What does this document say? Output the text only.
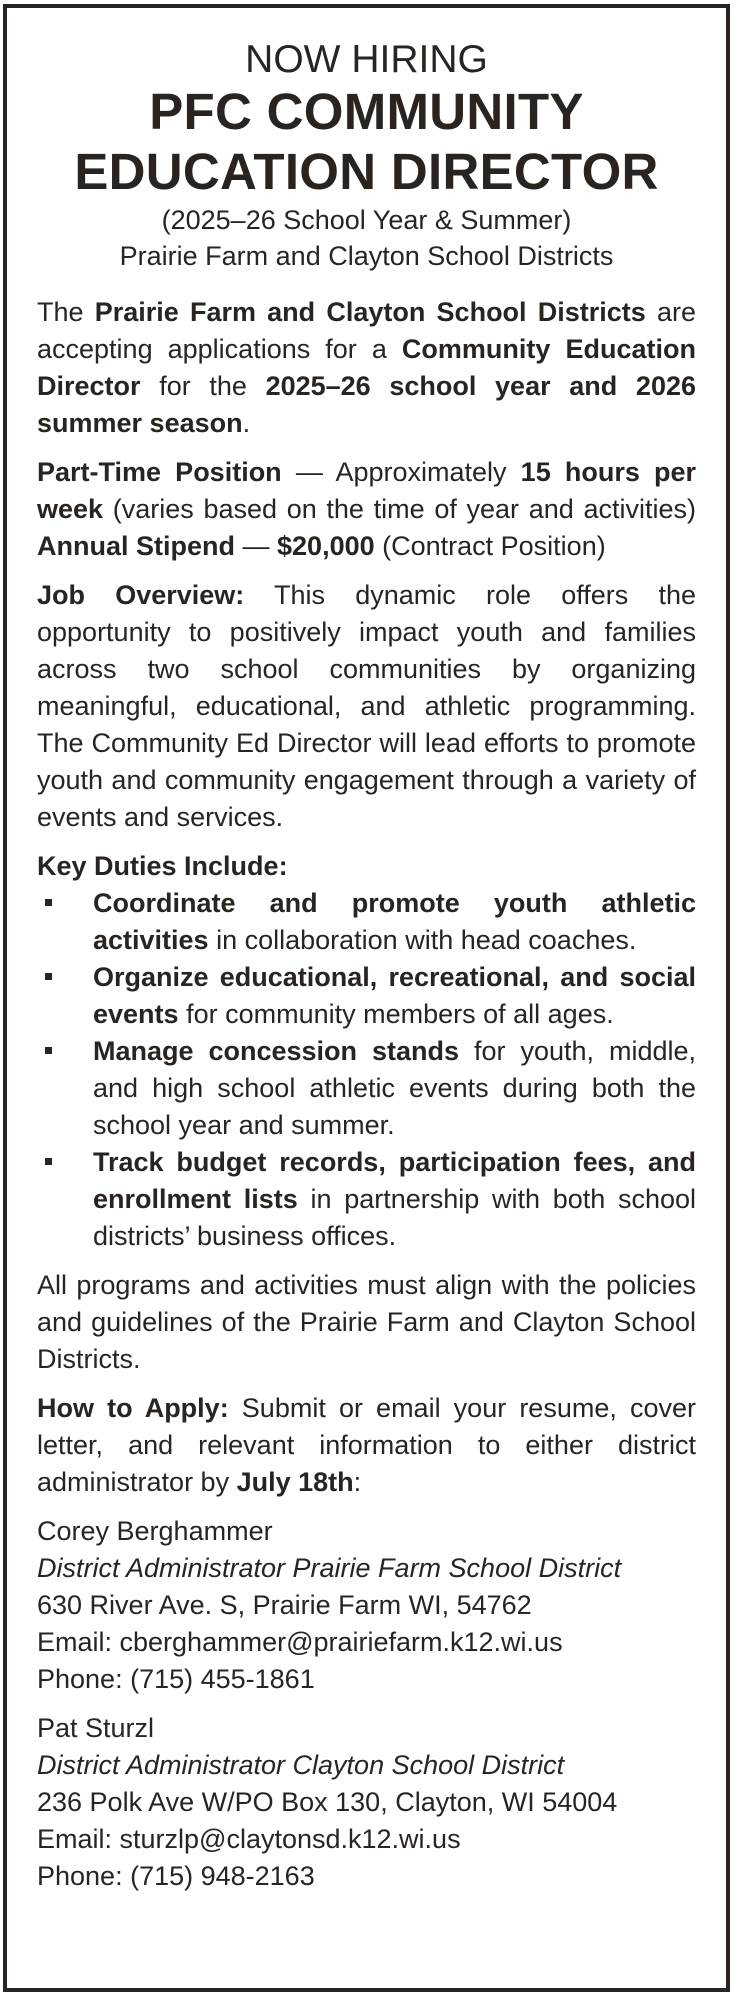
NOW HIRING
PFC COMMUNITY
EDUCATION DIRECTOR
(2025–26 School Year & Summer)
Prairie Farm and Clayton School Districts

The Prairie Farm and Clayton School Districts are accepting applications for a Community Education Director for the 2025–26 school year and 2026 summer season.

Part-Time Position — Approximately 15 hours per week (varies based on the time of year and activities) Annual Stipend — $20,000 (Contract Position)

Job Overview: This dynamic role offers the opportunity to positively impact youth and families across two school communities by organizing meaningful, educational, and athletic programming. The Community Ed Director will lead efforts to promote youth and community engagement through a variety of events and services.

Key Duties Include:
Coordinate and promote youth athletic activities in collaboration with head coaches.
Organize educational, recreational, and social events for community members of all ages.
Manage concession stands for youth, middle, and high school athletic events during both the school year and summer.
Track budget records, participation fees, and enrollment lists in partnership with both school districts’ business offices.

All programs and activities must align with the policies and guidelines of the Prairie Farm and Clayton School Districts.

How to Apply: Submit or email your resume, cover letter, and relevant information to either district administrator by July 18th:

Corey Berghammer
District Administrator Prairie Farm School District
630 River Ave. S, Prairie Farm WI, 54762
Email: cberghammer@prairiefarm.k12.wi.us
Phone: (715) 455-1861
Pat Sturzl
District Administrator Clayton School District
236 Polk Ave W/PO Box 130, Clayton, WI 54004
Email: sturzlp@claytonsd.k12.wi.us
Phone: (715) 948-2163
